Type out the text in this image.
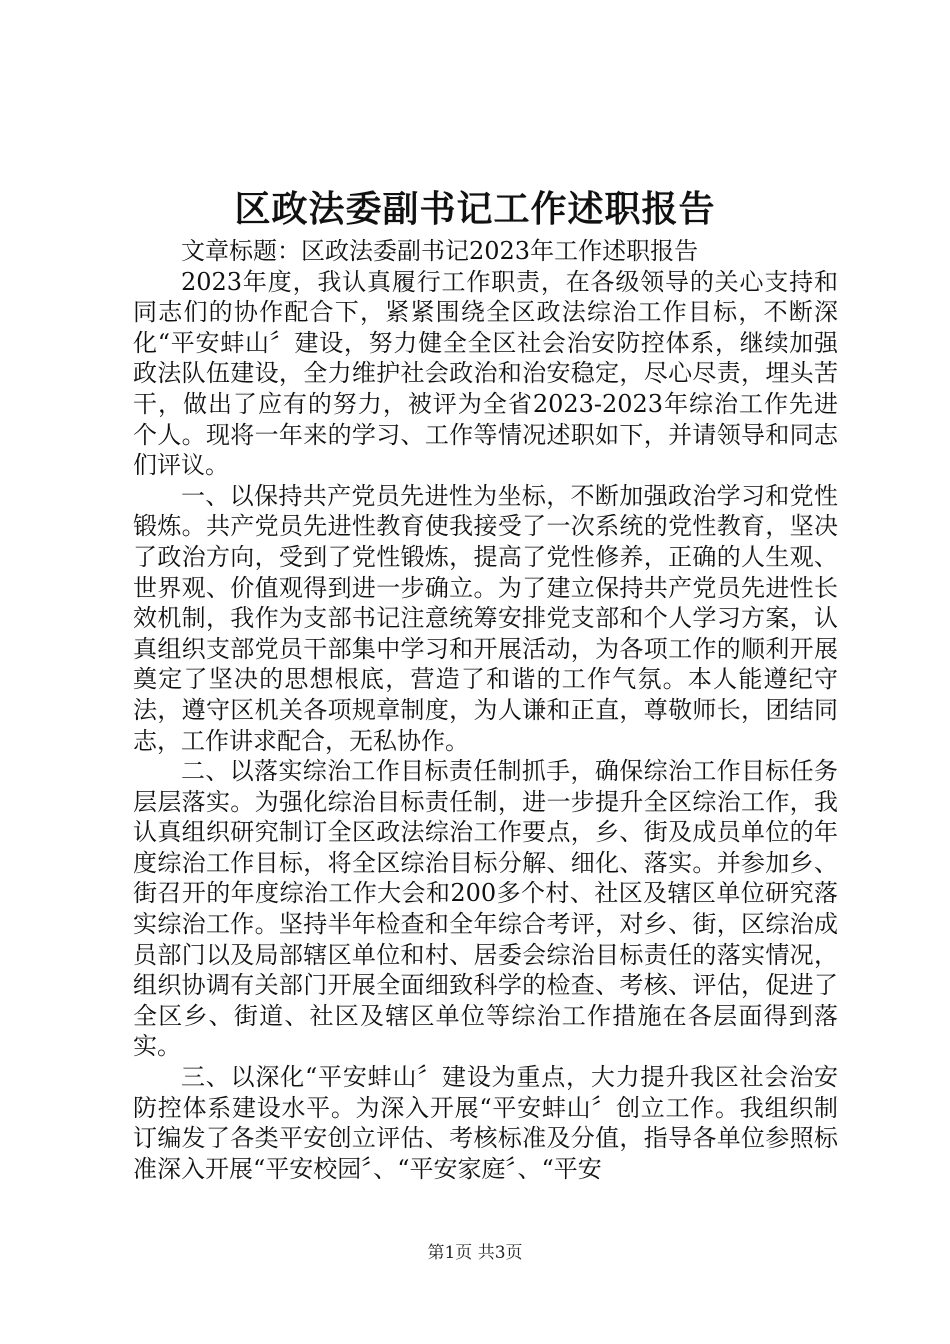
区政法委副书记工作述职报告

文章标题：区政法委副书记2023年工作述职报告

2023年度，我认真履行工作职责，在各级领导的关心支持和同志们的协作配合下，紧紧围绕全区政法综治工作目标，不断深化“平安蚌山〞建设，努力健全全区社会治安防控体系，继续加强政法队伍建设，全力维护社会政治和治安稳定，尽心尽责，埋头苦干，做出了应有的努力，被评为全省2023-2023年综治工作先进个人。现将一年来的学习、工作等情况述职如下，并请领导和同志们评议。

一、以保持共产党员先进性为坐标，不断加强政治学习和党性锻炼。共产党员先进性教育使我接受了一次系统的党性教育，坚决了政治方向，受到了党性锻炼，提高了党性修养，正确的人生观、世界观、价值观得到进一步确立。为了建立保持共产党员先进性长效机制，我作为支部书记注意统筹安排党支部和个人学习方案，认真组织支部党员干部集中学习和开展活动，为各项工作的顺利开展奠定了坚决的思想根底，营造了和谐的工作气氛。本人能遵纪守法，遵守区机关各项规章制度，为人谦和正直，尊敬师长，团结同志，工作讲求配合，无私协作。

二、以落实综治工作目标责任制抓手，确保综治工作目标任务层层落实。为强化综治目标责任制，进一步提升全区综治工作，我认真组织研究制订全区政法综治工作要点，乡、街及成员单位的年度综治工作目标，将全区综治目标分解、细化、落实。并参加乡、街召开的年度综治工作大会和200多个村、社区及辖区单位研究落实综治工作。坚持半年检查和全年综合考评，对乡、街，区综治成员部门以及局部辖区单位和村、居委会综治目标责任的落实情况，组织协调有关部门开展全面细致科学的检查、考核、评估，促进了全区乡、街道、社区及辖区单位等综治工作措施在各层面得到落实。

三、以深化“平安蚌山〞建设为重点，大力提升我区社会治安防控体系建设水平。为深入开展“平安蚌山〞创立工作。我组织制订编发了各类平安创立评估、考核标准及分值，指导各单位参照标准深入开展“平安校园〞、“平安家庭〞、“平安

第1页 共3页
